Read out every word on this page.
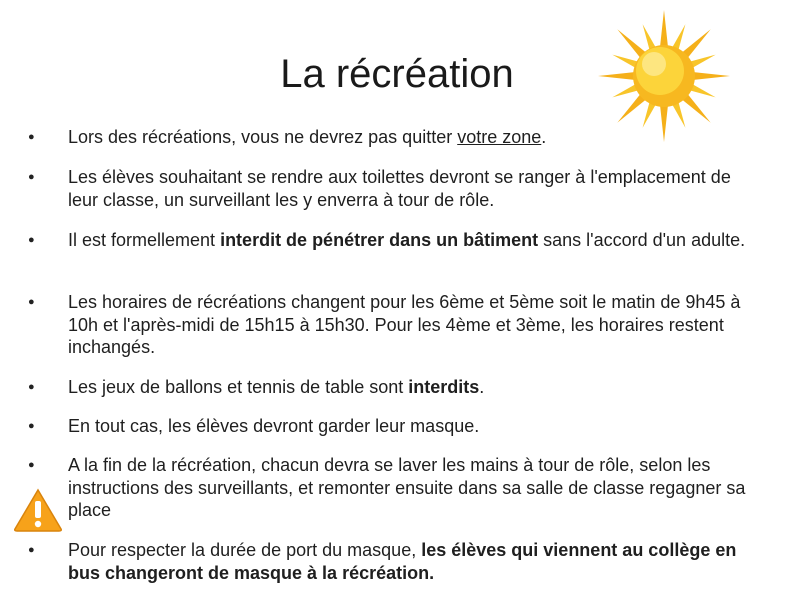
La récréation
● Lors des récréations, vous ne devrez pas quitter votre zone.
● Les élèves souhaitant se rendre aux toilettes devront se ranger à l'emplacement de leur classe, un surveillant les y enverra à tour de rôle.
● Il est formellement interdit de pénétrer dans un bâtiment sans l'accord d'un adulte.
● Les horaires de récréations changent pour les 6ème et 5ème soit le matin de 9h45 à 10h et l'après-midi de 15h15 à 15h30. Pour les 4ème et 3ème, les horaires restent inchangés.
● Les jeux de ballons et tennis de table sont interdits.
● En tout cas, les élèves devront garder leur masque.
● A la fin de la récréation, chacun devra se laver les mains à tour de rôle, selon les instructions des surveillants, et remonter ensuite dans sa salle de classe regagner sa place
● Pour respecter la durée de port du masque, les élèves qui viennent au collège en bus changeront de masque à la récréation.
